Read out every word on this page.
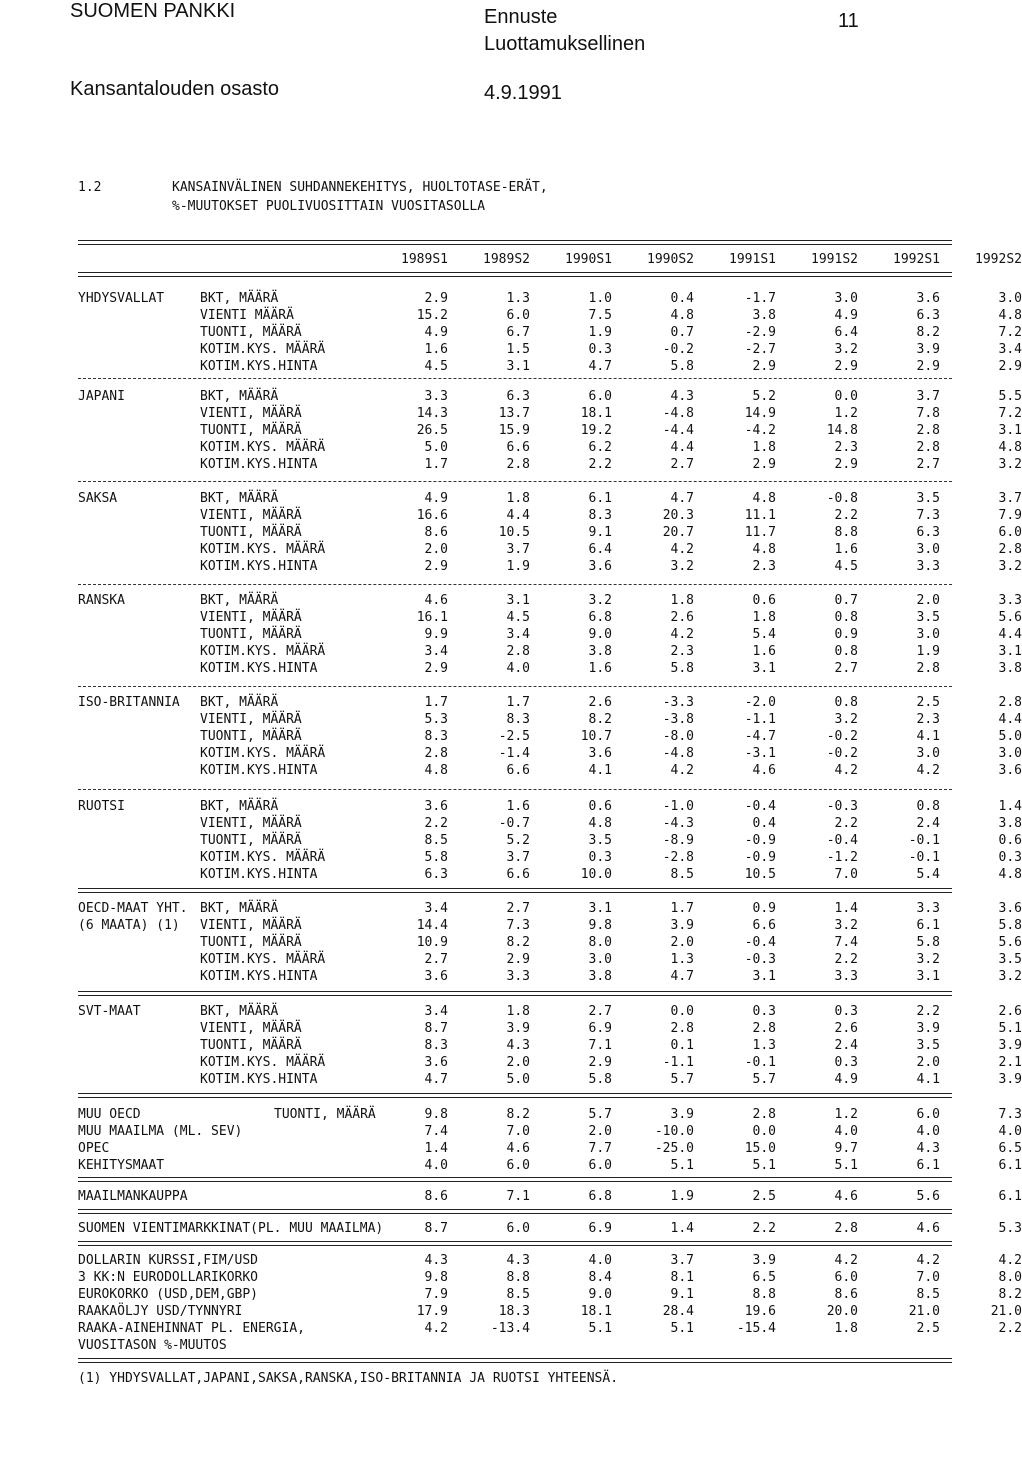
SUOMEN PANKKI	Ennuste
Luottamuksellinen
11
Kansantalouden osasto	4.9.1991
1.2	KANSAINVÄLINEN SUHDANNEKEHITYS, HUOLTOTASE-ERÄT,
%-MUUTOKSET PUOLIVUOSITTAIN VUOSITASOLLA
1989S1	1989S2	1990S1	1990S2	1991S1	1991S2	1992S1	1992S2
YHDYSVALLAT	BKT, MÄÄRÄ	2.9	1.3	1.0	0.4	-1.7	3.0	3.6	3.0
VIENTI MÄÄRÄ	15.2	6.0	7.5	4.8	3.8	4.9	6.3	4.8
TUONTI, MÄÄRÄ	4.9	6.7	1.9	0.7	-2.9	6.4	8.2	7.2
KOTIM.KYS. MÄÄRÄ	1.6	1.5	0.3	-0.2	-2.7	3.2	3.9	3.4
KOTIM.KYS.HINTA	4.5	3.1	4.7	5.8	2.9	2.9	2.9	2.9
JAPANI	BKT, MÄÄRÄ	3.3	6.3	6.0	4.3	5.2	0.0	3.7	5.5
VIENTI, MÄÄRÄ	14.3	13.7	18.1	-4.8	14.9	1.2	7.8	7.2
TUONTI, MÄÄRÄ	26.5	15.9	19.2	-4.4	-4.2	14.8	2.8	3.1
KOTIM.KYS. MÄÄRÄ	5.0	6.6	6.2	4.4	1.8	2.3	2.8	4.8
KOTIM.KYS.HINTA	1.7	2.8	2.2	2.7	2.9	2.9	2.7	3.2
SAKSA	BKT, MÄÄRÄ	4.9	1.8	6.1	4.7	4.8	-0.8	3.5	3.7
VIENTI, MÄÄRÄ	16.6	4.4	8.3	20.3	11.1	2.2	7.3	7.9
TUONTI, MÄÄRÄ	8.6	10.5	9.1	20.7	11.7	8.8	6.3	6.0
KOTIM.KYS. MÄÄRÄ	2.0	3.7	6.4	4.2	4.8	1.6	3.0	2.8
KOTIM.KYS.HINTA	2.9	1.9	3.6	3.2	2.3	4.5	3.3	3.2
RANSKA	BKT, MÄÄRÄ	4.6	3.1	3.2	1.8	0.6	0.7	2.0	3.3
VIENTI, MÄÄRÄ	16.1	4.5	6.8	2.6	1.8	0.8	3.5	5.6
TUONTI, MÄÄRÄ	9.9	3.4	9.0	4.2	5.4	0.9	3.0	4.4
KOTIM.KYS. MÄÄRÄ	3.4	2.8	3.8	2.3	1.6	0.8	1.9	3.1
KOTIM.KYS.HINTA	2.9	4.0	1.6	5.8	3.1	2.7	2.8	3.8
ISO-BRITANNIA BKT, MÄÄRÄ	1.7	1.7	2.6	-3.3	-2.0	0.8	2.5	2.8
VIENTI, MÄÄRÄ	5.3	8.3	8.2	-3.8	-1.1	3.2	2.3	4.4
TUONTI, MÄÄRÄ	8.3	-2.5	10.7	-8.0	-4.7	-0.2	4.1	5.0
KOTIM.KYS. MÄÄRÄ	2.8	-1.4	3.6	-4.8	-3.1	-0.2	3.0	3.0
KOTIM.KYS.HINTA	4.8	6.6	4.1	4.2	4.6	4.2	4.2	3.6
RUOTSI	BKT, MÄÄRÄ	3.6	1.6	0.6	-1.0	-0.4	-0.3	0.8	1.4
VIENTI, MÄÄRÄ	2.2	-0.7	4.8	-4.3	0.4	2.2	2.4	3.8
TUONTI, MÄÄRÄ	8.5	5.2	3.5	-8.9	-0.9	-0.4	-0.1	0.6
KOTIM.KYS. MÄÄRÄ	5.8	3.7	0.3	-2.8	-0.9	-1.2	-0.1	0.3
KOTIM.KYS.HINTA	6.3	6.6	10.0	8.5	10.5	7.0	5.4	4.8
OECD-MAAT YHT. BKT, MÄÄRÄ	3.4	2.7	3.1	1.7	0.9	1.4	3.3	3.6
(6 MAATA) (1) VIENTI, MÄÄRÄ	14.4	7.3	9.8	3.9	6.6	3.2	6.1	5.8
TUONTI, MÄÄRÄ	10.9	8.2	8.0	2.0	-0.4	7.4	5.8	5.6
KOTIM.KYS. MÄÄRÄ	2.7	2.9	3.0	1.3	-0.3	2.2	3.2	3.5
KOTIM.KYS.HINTA	3.6	3.3	3.8	4.7	3.1	3.3	3.1	3.2
SVT-MAAT	BKT, MÄÄRÄ	3.4	1.8	2.7	0.0	0.3	0.3	2.2	2.6
VIENTI, MÄÄRÄ	8.7	3.9	6.9	2.8	2.8	2.6	3.9	5.1
TUONTI, MÄÄRÄ	8.3	4.3	7.1	0.1	1.3	2.4	3.5	3.9
KOTIM.KYS. MÄÄRÄ	3.6	2.0	2.9	-1.1	-0.1	0.3	2.0	2.1
KOTIM.KYS.HINTA	4.7	5.0	5.8	5.7	5.7	4.9	4.1	3.9
MUU OECD	TUONTI, MÄÄRÄ	9.8	8.2	5.7	3.9	2.8	1.2	6.0	7.3
MUU MAAILMA (ML. SEV)	7.4	7.0	2.0	-10.0	0.0	4.0	4.0	4.0
OPEC	1.4	4.6	7.7	-25.0	15.0	9.7	4.3	6.5
KEHITYSMAAT	4.0	6.0	6.0	5.1	5.1	5.1	6.1	6.1
MAAILMANKAUPPA	8.6	7.1	6.8	1.9	2.5	4.6	5.6	6.1
SUOMEN VIENTIMARKKINAT(PL. MUU MAAILMA)	8.7	6.0	6.9	1.4	2.2	2.8	4.6	5.3
DOLLARIN KURSSI,FIM/USD	4.3	4.3	4.0	3.7	3.9	4.2	4.2	4.2
3 KK:N EURODOLLARIKORKO	9.8	8.8	8.4	8.1	6.5	6.0	7.0	8.0
EUROKORKO (USD,DEM,GBP)	7.9	8.5	9.0	9.1	8.8	8.6	8.5	8.2
RAAKAÖLJY USD/TYNNYRI	17.9	18.3	18.1	28.4	19.6	20.0	21.0	21.0
RAAKA-AINEHINNAT PL. ENERGIA,	4.2	-13.4	5.1	5.1	-15.4	1.8	2.5	2.2
VUOSITASON %-MUUTOS
(1) YHDYSVALLAT,JAPANI,SAKSA,RANSKA,ISO-BRITANNIA JA RUOTSI YHTEENSÄ.
